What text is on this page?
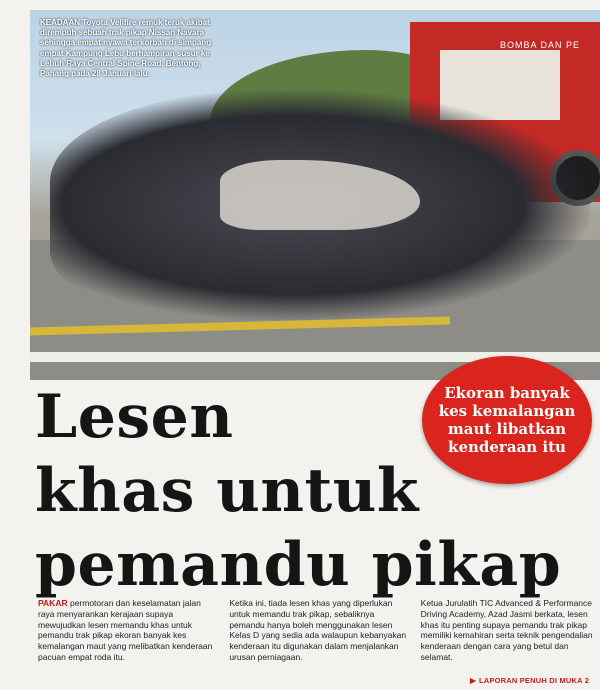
BOMBA DAN PE
KEADAAN Toyota Vellfire remuk teruk akibat dirempuh sebuah trak pikap Nissan Navara sehingga empat nyawa terkorban di simpang empat Kampung Lebu berhampiran susur ke Lebuh Raya Central Spine Road, Bentong, Pahang pada 28 Januari lalu.
Lesen
khas untuk
pemandu pikap
Ekoran banyak kes kemalangan maut libatkan kenderaan itu
PAKAR permotoran dan keselamatan jalan raya menyarankan kerajaan supaya mewujudkan lesen memandu khas untuk pemandu trak pikap ekoran banyak kes kemalangan maut yang melibatkan kenderaan pacuan empat roda itu.
Ketika ini, tiada lesen khas yang diperlukan untuk memandu trak pikap, sebaliknya pemandu hanya boleh menggunakan lesen Kelas D yang sedia ada walaupun kebanyakan kenderaan itu digunakan dalam menjalankan urusan perniagaan.
Ketua Jurulatih TIC Advanced & Performance Driving Academy, Azad Jasmi berkata, lesen khas itu penting supaya pemandu trak pikap memiliki kemahiran serta teknik pengendalian kenderaan dengan cara yang betul dan selamat.
▶ LAPORAN PENUH DI MUKA 2
